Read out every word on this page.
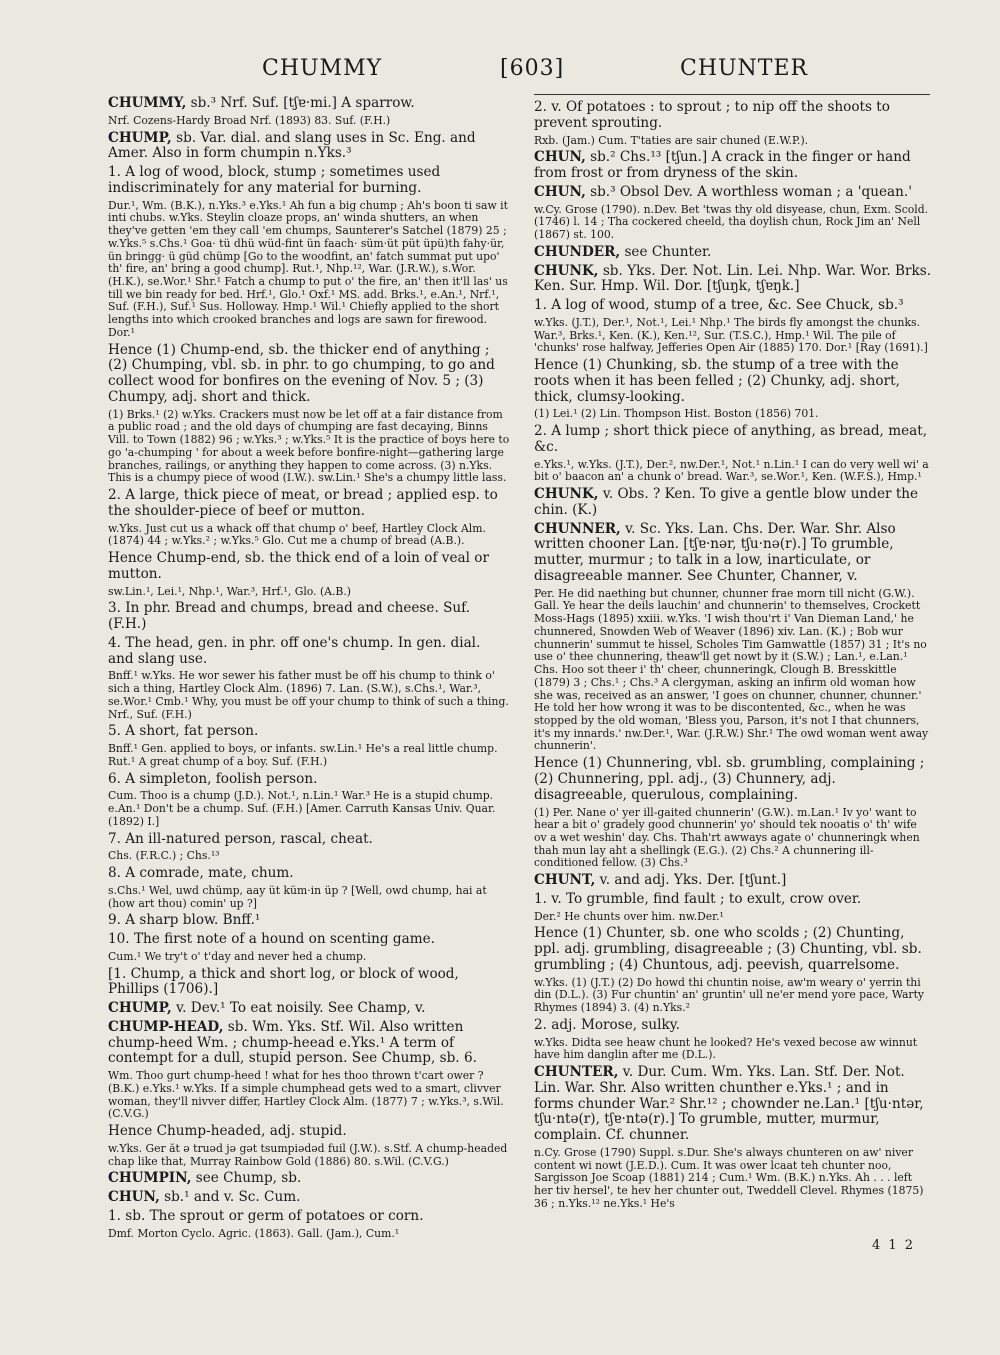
CHUMMY	[603]	CHUNTER

CHUMMY, sb.³ Nrf. Suf. [tʃɐ·mi.] A sparrow.

Nrf. Cozens-Hardy Broad Nrf. (1893) 83. Suf. (F.H.)

CHUMP, sb. Var. dial. and slang uses in Sc. Eng. and Amer. Also in form chumpin n.Yks.³

1. A log of wood, block, stump ; sometimes used indiscriminately for any material for burning.

Dur.¹, Wm. (B.K.), n.Yks.³ e.Yks.¹ Ah fun a big chump ; Ah's boon ti saw it inti chubs. w.Yks. Steylin cloaze props, an' winda shutters, an when they've getten 'em they call 'em chumps, Saunterer's Satchel (1879) 25 ; w.Yks.⁵ s.Chs.¹ Goa· tü dhü wüd-fint ün faach· süm·üt püt üpü)th fahy·ür, ün bringg· ü güd chümp [Go to the woodfint, an' fatch summat put upo' th' fire, an' bring a good chump]. Rut.¹, Nhp.¹², War. (J.R.W.), s.Wor. (H.K.), se.Wor.¹ Shr.¹ Fatch a chump to put o' the fire, an' then it'll las' us till we bin ready for bed. Hrf.¹, Glo.¹ Oxf.¹ MS. add. Brks.¹, e.An.¹, Nrf.¹, Suf. (F.H.), Suf.¹ Sus. Holloway. Hmp.¹ Wil.¹ Chiefly applied to the short lengths into which crooked branches and logs are sawn for firewood. Dor.¹

Hence (1) Chump-end, sb. the thicker end of anything ; (2) Chumping, vbl. sb. in phr. to go chumping, to go and collect wood for bonfires on the evening of Nov. 5 ; (3) Chumpy, adj. short and thick.

(1) Brks.¹ (2) w.Yks. Crackers must now be let off at a fair distance from a public road ; and the old days of chumping are fast decaying, Binns Vill. to Town (1882) 96 ; w.Yks.³ ; w.Yks.⁵ It is the practice of boys here to go 'a-chumping ' for about a week before bonfire-night—gathering large branches, railings, or anything they happen to come across. (3) n.Yks. This is a chumpy piece of wood (I.W.). sw.Lin.¹ She's a chumpy little lass.

2. A large, thick piece of meat, or bread ; applied esp. to the shoulder-piece of beef or mutton.

w.Yks. Just cut us a whack off that chump o' beef, Hartley Clock Alm. (1874) 44 ; w.Yks.² ; w.Yks.⁵ Glo. Cut me a chump of bread (A.B.).

Hence Chump-end, sb. the thick end of a loin of veal or mutton.

sw.Lin.¹, Lei.¹, Nhp.¹, War.³, Hrf.¹, Glo. (A.B.)

3. In phr. Bread and chumps, bread and cheese. Suf. (F.H.)

4. The head, gen. in phr. off one's chump. In gen. dial. and slang use.

Bnff.¹ w.Yks. He wor sewer his father must be off his chump to think o' sich a thing, Hartley Clock Alm. (1896) 7. Lan. (S.W.), s.Chs.¹, War.³, se.Wor.¹ Cmb.¹ Why, you must be off your chump to think of such a thing. Nrf., Suf. (F.H.)

5. A short, fat person.

Bnff.¹ Gen. applied to boys, or infants. sw.Lin.¹ He's a real little chump. Rut.¹ A great chump of a boy. Suf. (F.H.)

6. A simpleton, foolish person.

Cum. Thoo is a chump (J.D.). Not.¹, n.Lin.¹ War.³ He is a stupid chump. e.An.¹ Don't be a chump. Suf. (F.H.) [Amer. Carruth Kansas Univ. Quar. (1892) I.]

7. An ill-natured person, rascal, cheat.

Chs. (F.R.C.) ; Chs.¹³

8. A comrade, mate, chum.

s.Chs.¹ Wel, uwd chümp, aay üt küm·in üp ? [Well, owd chump, hai at (how art thou) comin' up ?]

9. A sharp blow. Bnff.¹

10. The first note of a hound on scenting game.

Cum.¹ We try't o' t'day and never hed a chump.

[1. Chump, a thick and short log, or block of wood, Phillips (1706).]

CHUMP, v. Dev.¹ To eat noisily. See Champ, v.

CHUMP-HEAD, sb. Wm. Yks. Stf. Wil. Also written chump-heed Wm. ; chump-heead e.Yks.¹ A term of contempt for a dull, stupid person. See Chump, sb. 6.

Wm. Thoo gurt chump-heed ! what for hes thoo thrown t'cart ower ? (B.K.) e.Yks.¹ w.Yks. If a simple chumphead gets wed to a smart, clivver woman, they'll nivver differ, Hartley Clock Alm. (1877) 7 ; w.Yks.³, s.Wil. (C.V.G.)

Hence Chump-headed, adj. stupid.

w.Yks. Ger ăt ə truəd jə gət tsumpiədəd fuil (J.W.). s.Stf. A chump-headed chap like that, Murray Rainbow Gold (1886) 80. s.Wil. (C.V.G.)

CHUMPIN, see Chump, sb.

CHUN, sb.¹ and v. Sc. Cum.

1. sb. The sprout or germ of potatoes or corn.

Dmf. Morton Cyclo. Agric. (1863). Gall. (Jam.), Cum.¹

2. v. Of potatoes : to sprout ; to nip off the shoots to prevent sprouting.

Rxb. (Jam.) Cum. T'taties are sair chuned (E.W.P.).

CHUN, sb.² Chs.¹³ [tʃun.] A crack in the finger or hand from frost or from dryness of the skin.

CHUN, sb.³ Obsol Dev. A worthless woman ; a 'quean.'

w.Cy. Grose (1790). n.Dev. Bet 'twas thy old disyease, chun, Exm. Scold. (1746) l. 14 ; Tha cockered cheeld, tha doylish chun, Rock Jim an' Nell (1867) st. 100.

CHUNDER, see Chunter.

CHUNK, sb. Yks. Der. Not. Lin. Lei. Nhp. War. Wor. Brks. Ken. Sur. Hmp. Wil. Dor. [tʃuŋk, tʃɐŋk.]

1. A log of wood, stump of a tree, &c. See Chuck, sb.³

w.Yks. (J.T.), Der.¹, Not.¹, Lei.¹ Nhp.¹ The birds fly amongst the chunks. War.³, Brks.¹, Ken. (K.), Ken.¹², Sur. (T.S.C.), Hmp.¹ Wil. The pile of 'chunks' rose halfway, Jefferies Open Air (1885) 170. Dor.¹ [Ray (1691).]

Hence (1) Chunking, sb. the stump of a tree with the roots when it has been felled ; (2) Chunky, adj. short, thick, clumsy-looking.

(1) Lei.¹ (2) Lin. Thompson Hist. Boston (1856) 701.

2. A lump ; short thick piece of anything, as bread, meat, &c.

e.Yks.¹, w.Yks. (J.T.), Der.², nw.Der.¹, Not.¹ n.Lin.¹ I can do very well wi' a bit o' baacon an' a chunk o' bread. War.³, se.Wor.¹, Ken. (W.F.S.), Hmp.¹

CHUNK, v. Obs. ? Ken. To give a gentle blow under the chin. (K.)

CHUNNER, v. Sc. Yks. Lan. Chs. Der. War. Shr. Also written chooner Lan. [tʃɐ·nər, tʃu·nə(r).] To grumble, mutter, murmur ; to talk in a low, inarticulate, or disagreeable manner. See Chunter, Channer, v.

Per. He did naething but chunner, chunner frae morn till nicht (G.W.). Gall. Ye hear the deils lauchin' and chunnerin' to themselves, Crockett Moss-Hags (1895) xxiii. w.Yks. 'I wish thou'rt i' Van Dieman Land,' he chunnered, Snowden Web of Weaver (1896) xiv. Lan. (K.) ; Bob wur chunnerin' summut te hissel, Scholes Tim Gamwattle (1857) 31 ; It's no use o' thee chunnering, theaw'll get nowt by it (S.W.) ; Lan.¹, e.Lan.¹ Chs. Hoo sot theer i' th' cheer, chunneringk, Clough B. Bresskittle (1879) 3 ; Chs.¹ ; Chs.³ A clergyman, asking an infirm old woman how she was, received as an answer, 'I goes on chunner, chunner, chunner.' He told her how wrong it was to be discontented, &c., when he was stopped by the old woman, 'Bless you, Parson, it's not I that chunners, it's my innards.' nw.Der.¹, War. (J.R.W.) Shr.¹ The owd woman went away chunnerin'.

Hence (1) Chunnering, vbl. sb. grumbling, complaining ; (2) Chunnering, ppl. adj., (3) Chunnery, adj. disagreeable, querulous, complaining.

(1) Per. Nane o' yer ill-gaited chunnerin' (G.W.). m.Lan.¹ Iv yo' want to hear a bit o' gradely good chunnerin' yo' should tek nooatis o' th' wife ov a wet weshin' day. Chs. Thah'rt awways agate o' chunneringk when thah mun lay aht a shellingk (E.G.). (2) Chs.² A chunnering ill-conditioned fellow. (3) Chs.³

CHUNT, v. and adj. Yks. Der. [tʃunt.]

1. v. To grumble, find fault ; to exult, crow over.

Der.² He chunts over him. nw.Der.¹

Hence (1) Chunter, sb. one who scolds ; (2) Chunting, ppl. adj. grumbling, disagreeable ; (3) Chunting, vbl. sb. grumbling ; (4) Chuntous, adj. peevish, quarrelsome.

w.Yks. (1) (J.T.) (2) Do howd thi chuntin noise, aw'm weary o' yerrin thi din (D.L.). (3) Fur chuntin' an' gruntin' ull ne'er mend yore pace, Warty Rhymes (1894) 3. (4) n.Yks.²

2. adj. Morose, sulky.

w.Yks. Didta see heaw chunt he looked? He's vexed becose aw winnut have him danglin after me (D.L.).

CHUNTER, v. Dur. Cum. Wm. Yks. Lan. Stf. Der. Not. Lin. War. Shr. Also written chunther e.Yks.¹ ; and in forms chunder War.² Shr.¹² ; chownder ne.Lan.¹ [tʃu·ntər, tʃu·ntə(r), tʃɐ·ntə(r).] To grumble, mutter, murmur, complain. Cf. chunner.

n.Cy. Grose (1790) Suppl. s.Dur. She's always chunteren on aw' niver content wi nowt (J.E.D.). Cum. It was ower lcaat teh chunter noo, Sargisson Joe Scoap (1881) 214 ; Cum.¹ Wm. (B.K.) n.Yks. Ah . . . left her tiv hersel', te hev her chunter out, Tweddell Clevel. Rhymes (1875) 36 ; n.Yks.¹² ne.Yks.¹ He's

4 1 2
